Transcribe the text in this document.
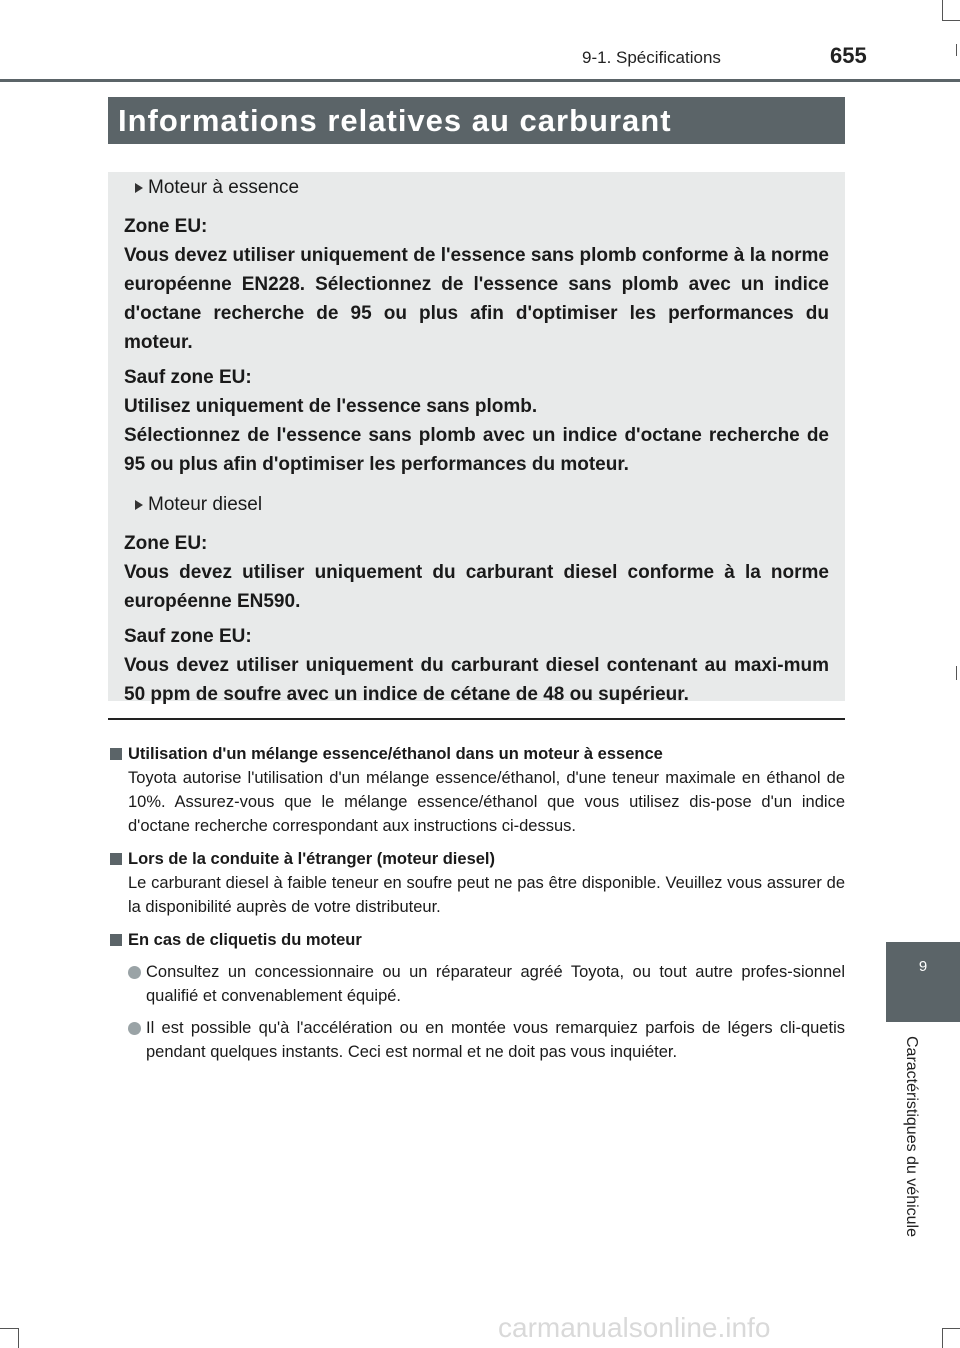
9-1. Spécifications	655
Informations relatives au carburant
Moteur à essence
Zone EU:
Vous devez utiliser uniquement de l'essence sans plomb conforme à la norme européenne EN228. Sélectionnez de l'essence sans plomb avec un indice d'octane recherche de 95 ou plus afin d'optimiser les performances du moteur.
Sauf zone EU:
Utilisez uniquement de l'essence sans plomb.
Sélectionnez de l'essence sans plomb avec un indice d'octane recherche de 95 ou plus afin d'optimiser les performances du moteur.
Moteur diesel
Zone EU:
Vous devez utiliser uniquement du carburant diesel conforme à la norme européenne EN590.
Sauf zone EU:
Vous devez utiliser uniquement du carburant diesel contenant au maxi-mum 50 ppm de soufre avec un indice de cétane de 48 ou supérieur.
Utilisation d'un mélange essence/éthanol dans un moteur à essence
Toyota autorise l'utilisation d'un mélange essence/éthanol, d'une teneur maximale en éthanol de 10%. Assurez-vous que le mélange essence/éthanol que vous utilisez dis-pose d'un indice d'octane recherche correspondant aux instructions ci-dessus.
Lors de la conduite à l'étranger (moteur diesel)
Le carburant diesel à faible teneur en soufre peut ne pas être disponible. Veuillez vous assurer de la disponibilité auprès de votre distributeur.
En cas de cliquetis du moteur
Consultez un concessionnaire ou un réparateur agréé Toyota, ou tout autre profes-sionnel qualifié et convenablement équipé.
Il est possible qu'à l'accélération ou en montée vous remarquiez parfois de légers cli-quetis pendant quelques instants. Ceci est normal et ne doit pas vous inquiéter.
9
Caractéristiques du véhicule
carmanualsonline.info
